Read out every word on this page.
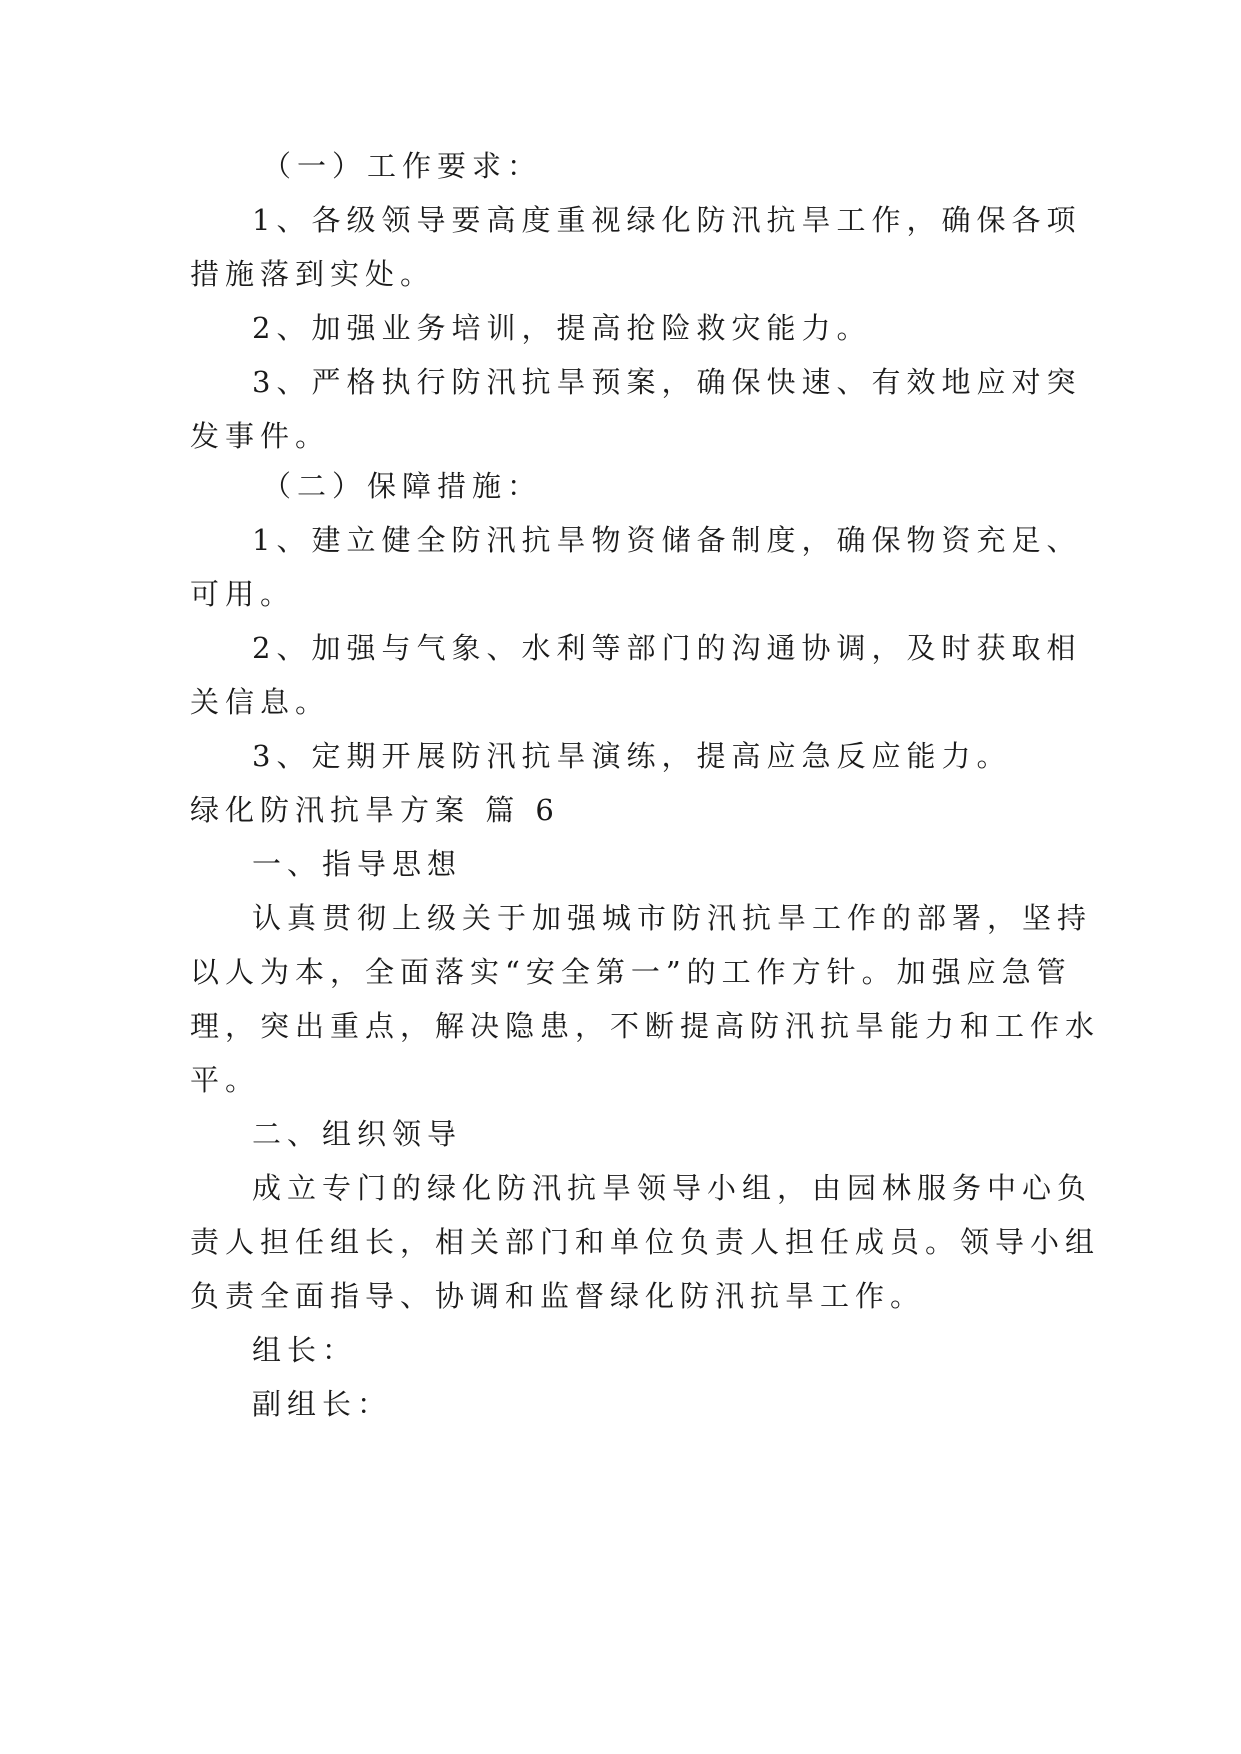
（一）工作要求：
1、各级领导要高度重视绿化防汛抗旱工作，确保各项
措施落到实处。
2、加强业务培训，提高抢险救灾能力。
3、严格执行防汛抗旱预案，确保快速、有效地应对突
发事件。
（二）保障措施：
1、建立健全防汛抗旱物资储备制度，确保物资充足、
可用。
2、加强与气象、水利等部门的沟通协调，及时获取相
关信息。
3、定期开展防汛抗旱演练，提高应急反应能力。
绿化防汛抗旱方案 篇 6
一、指导思想
认真贯彻上级关于加强城市防汛抗旱工作的部署，坚持
以人为本，全面落实“安全第一”的工作方针。加强应急管
理，突出重点，解决隐患，不断提高防汛抗旱能力和工作水
平。
二、组织领导
成立专门的绿化防汛抗旱领导小组，由园林服务中心负
责人担任组长，相关部门和单位负责人担任成员。领导小组
负责全面指导、协调和监督绿化防汛抗旱工作。
组长：
副组长：
